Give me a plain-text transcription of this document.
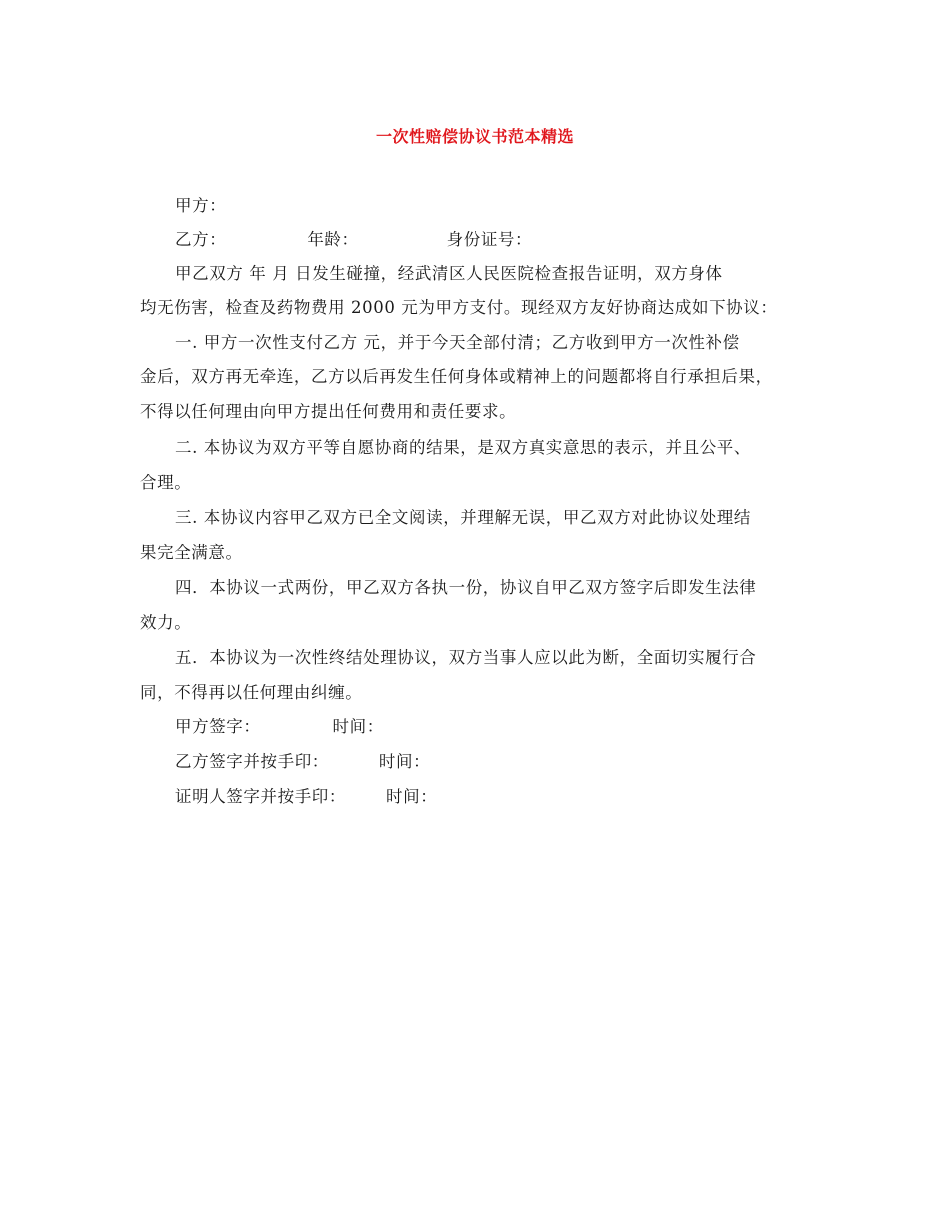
一次性赔偿协议书范本精选
甲方：
乙方：	年龄：	身份证号：
甲乙双方 年 月 日发生碰撞，经武清区人民医院检查报告证明，双方身体
均无伤害，检查及药物费用 2000 元为甲方支付。现经双方友好协商达成如下协议：
一. 甲方一次性支付乙方 元，并于今天全部付清；乙方收到甲方一次性补偿
金后，双方再无牵连，乙方以后再发生任何身体或精神上的问题都将自行承担后果，
不得以任何理由向甲方提出任何费用和责任要求。
二. 本协议为双方平等自愿协商的结果，是双方真实意思的表示，并且公平、
合理。
三. 本协议内容甲乙双方已全文阅读，并理解无误，甲乙双方对此协议处理结
果完全满意。
四．本协议一式两份，甲乙双方各执一份，协议自甲乙双方签字后即发生法律
效力。
五．本协议为一次性终结处理协议，双方当事人应以此为断，全面切实履行合
同，不得再以任何理由纠缠。
甲方签字：	时间：
乙方签字并按手印：	时间：
证明人签字并按手印： 时间：
